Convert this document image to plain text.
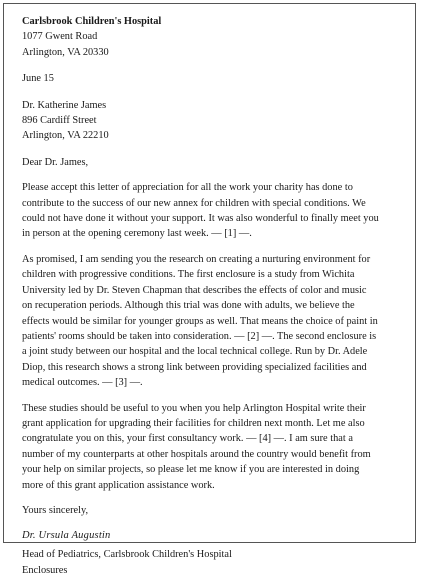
Carlsbrook Children's Hospital
1077 Gwent Road
Arlington, VA 20330
June 15
Dr. Katherine James
896 Cardiff Street
Arlington, VA 22210
Dear Dr. James,
Please accept this letter of appreciation for all the work your charity has done to
contribute to the success of our new annex for children with special conditions. We
could not have done it without your support. It was also wonderful to finally meet you
in person at the opening ceremony last week. — [1] —.
As promised, I am sending you the research on creating a nurturing environment for
children with progressive conditions. The first enclosure is a study from Wichita
University led by Dr. Steven Chapman that describes the effects of color and music
on recuperation periods. Although this trial was done with adults, we believe the
effects would be similar for younger groups as well. That means the choice of paint in
patients' rooms should be taken into consideration. — [2] —. The second enclosure is
a joint study between our hospital and the local technical college. Run by Dr. Adele
Diop, this research shows a strong link between providing specialized facilities and
medical outcomes. — [3] —.
These studies should be useful to you when you help Arlington Hospital write their
grant application for upgrading their facilities for children next month. Let me also
congratulate you on this, your first consultancy work. — [4] —. I am sure that a
number of my counterparts at other hospitals around the country would benefit from
your help on similar projects, so please let me know if you are interested in doing
more of this grant application assistance work.
Yours sincerely,
Dr. Ursula Augustin
Head of Pediatrics, Carlsbrook Children's Hospital
Enclosures
